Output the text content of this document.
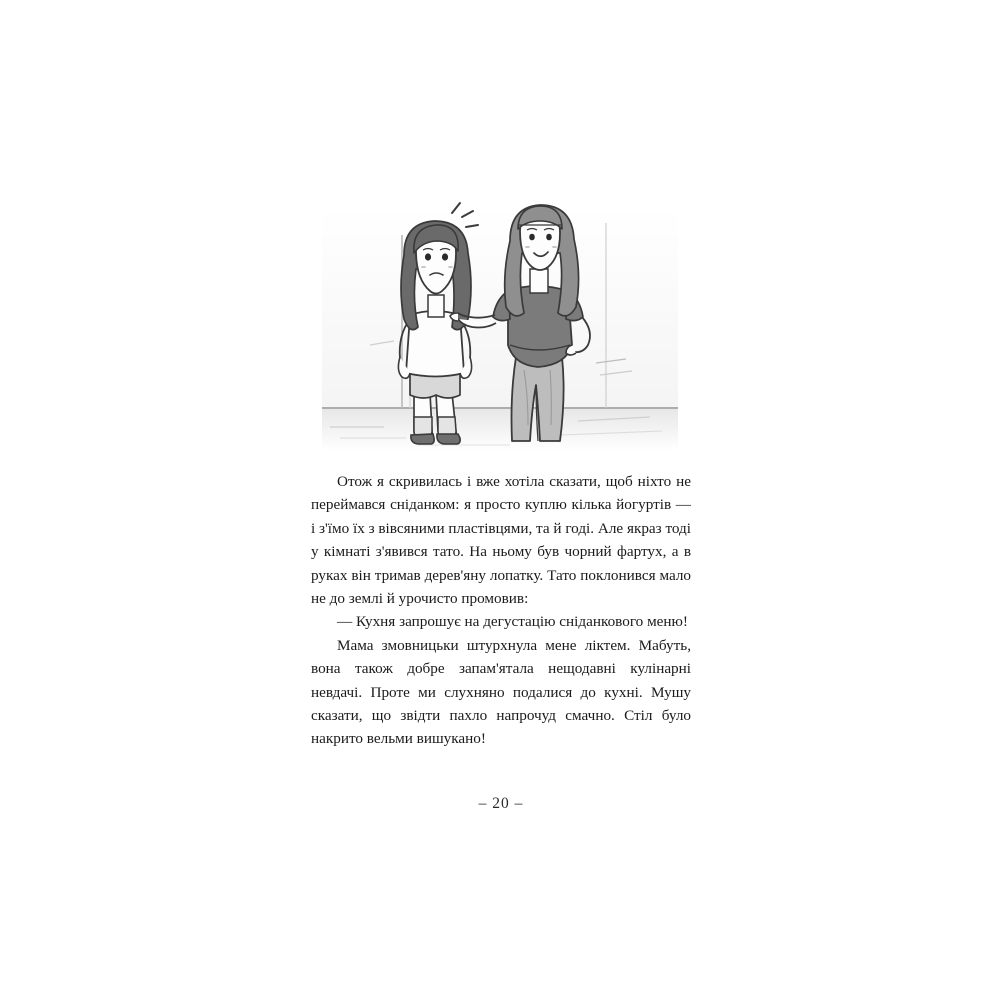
Отож я скривилась і вже хотіла сказати, щоб ніхто не переймався сніданком: я просто куплю кілька йогуртів — і з'їмо їх з вівсяними пластівцями, та й годі. Але якраз тоді у кімнаті з'явився тато. На ньому був чорний фартух, а в руках він тримав дерев'яну лопатку. Тато поклонився мало не до землі й урочисто промовив:

— Кухня запрошує на дегустацію сніданкового меню!

Мама змовницьки штурхнула мене ліктем. Мабуть, вона також добре запам'ятала нещодавні кулінарні невдачі. Проте ми слухняно подалися до кухні. Мушу сказати, що звідти пахло напрочуд смачно. Стіл було накрито вельми вишукано!

– 20 –
